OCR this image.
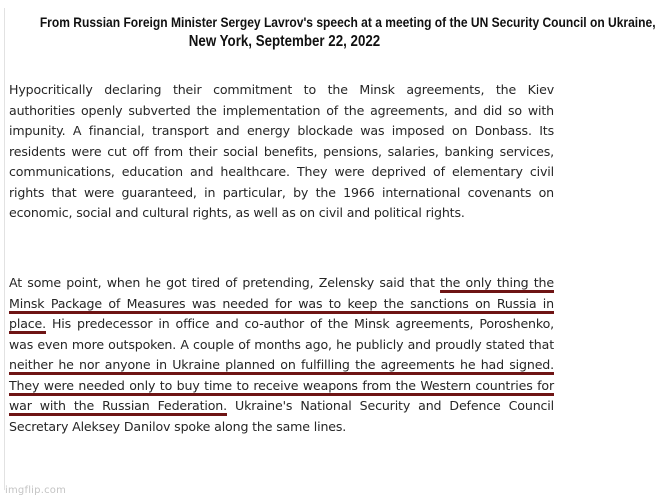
From Russian Foreign Minister Sergey Lavrov's speech at a meeting of the UN Security Council on Ukraine,
New York, September 22, 2022
Hypocritically declaring their commitment to the Minsk agreements, the Kiev authorities openly subverted the implementation of the agreements, and did so with impunity. A financial, transport and energy blockade was imposed on Donbass. Its residents were cut off from their social benefits, pensions, salaries, banking services, communications, education and healthcare. They were deprived of elementary civil rights that were guaranteed, in particular, by the 1966 international covenants on economic, social and cultural rights, as well as on civil and political rights.
At some point, when he got tired of pretending, Zelensky said that the only thing the Minsk Package of Measures was needed for was to keep the sanctions on Russia in place. His predecessor in office and co-author of the Minsk agreements, Poroshenko, was even more outspoken. A couple of months ago, he publicly and proudly stated that neither he nor anyone in Ukraine planned on fulfilling the agreements he had signed. They were needed only to buy time to receive weapons from the Western countries for war with the Russian Federation. Ukraine's National Security and Defence Council Secretary Aleksey Danilov spoke along the same lines.
imgflip.com
